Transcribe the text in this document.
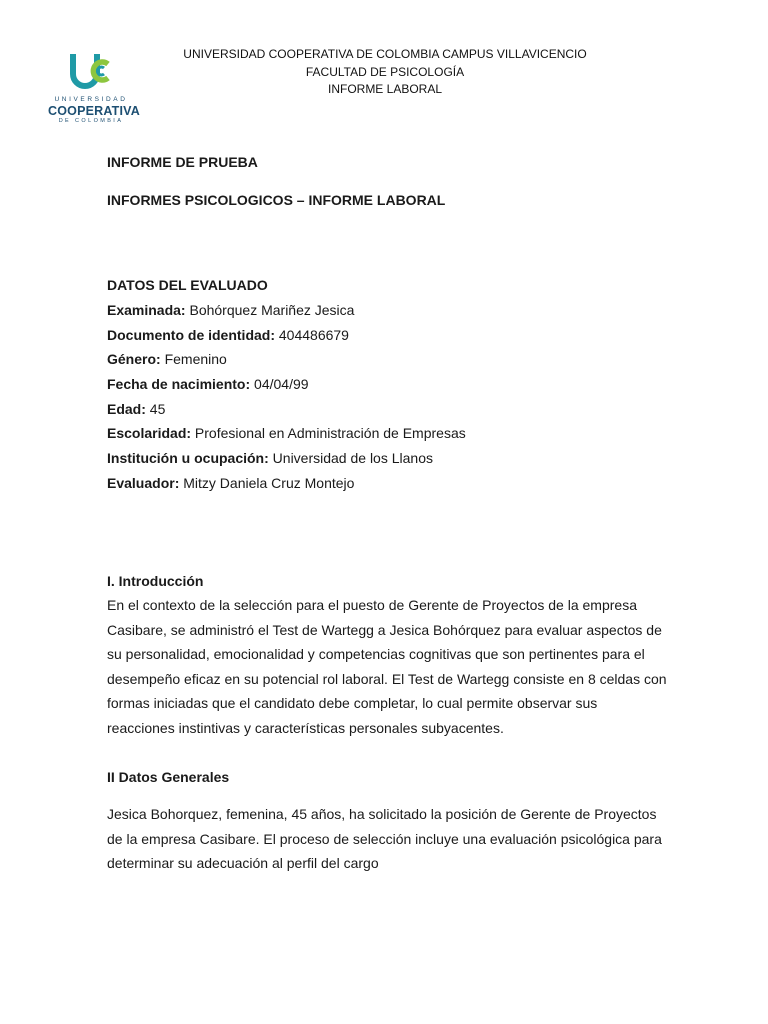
UNIVERSIDAD
COOPERATIVA
DE COLOMBIA
UNIVERSIDAD COOPERATIVA DE COLOMBIA CAMPUS VILLAVICENCIO
FACULTAD DE PSICOLOGÍA
INFORME LABORAL
INFORME DE PRUEBA
INFORMES PSICOLOGICOS – INFORME LABORAL
DATOS DEL EVALUADO
Examinada: Bohórquez Mariñez Jesica
Documento de identidad: 404486679
Género: Femenino
Fecha de nacimiento: 04/04/99
Edad: 45
Escolaridad: Profesional en Administración de Empresas
Institución u ocupación: Universidad de los Llanos
Evaluador: Mitzy Daniela Cruz Montejo
I. Introducción
En el contexto de la selección para el puesto de Gerente de Proyectos de la empresa
Casibare, se administró el Test de Wartegg a Jesica Bohórquez para evaluar aspectos de
su personalidad, emocionalidad y competencias cognitivas que son pertinentes para el
desempeño eficaz en su potencial rol laboral. El Test de Wartegg consiste en 8 celdas con
formas iniciadas que el candidato debe completar, lo cual permite observar sus
reacciones instintivas y características personales subyacentes.
II Datos Generales
Jesica Bohorquez, femenina, 45 años, ha solicitado la posición de Gerente de Proyectos
de la empresa Casibare. El proceso de selección incluye una evaluación psicológica para
determinar su adecuación al perfil del cargo
